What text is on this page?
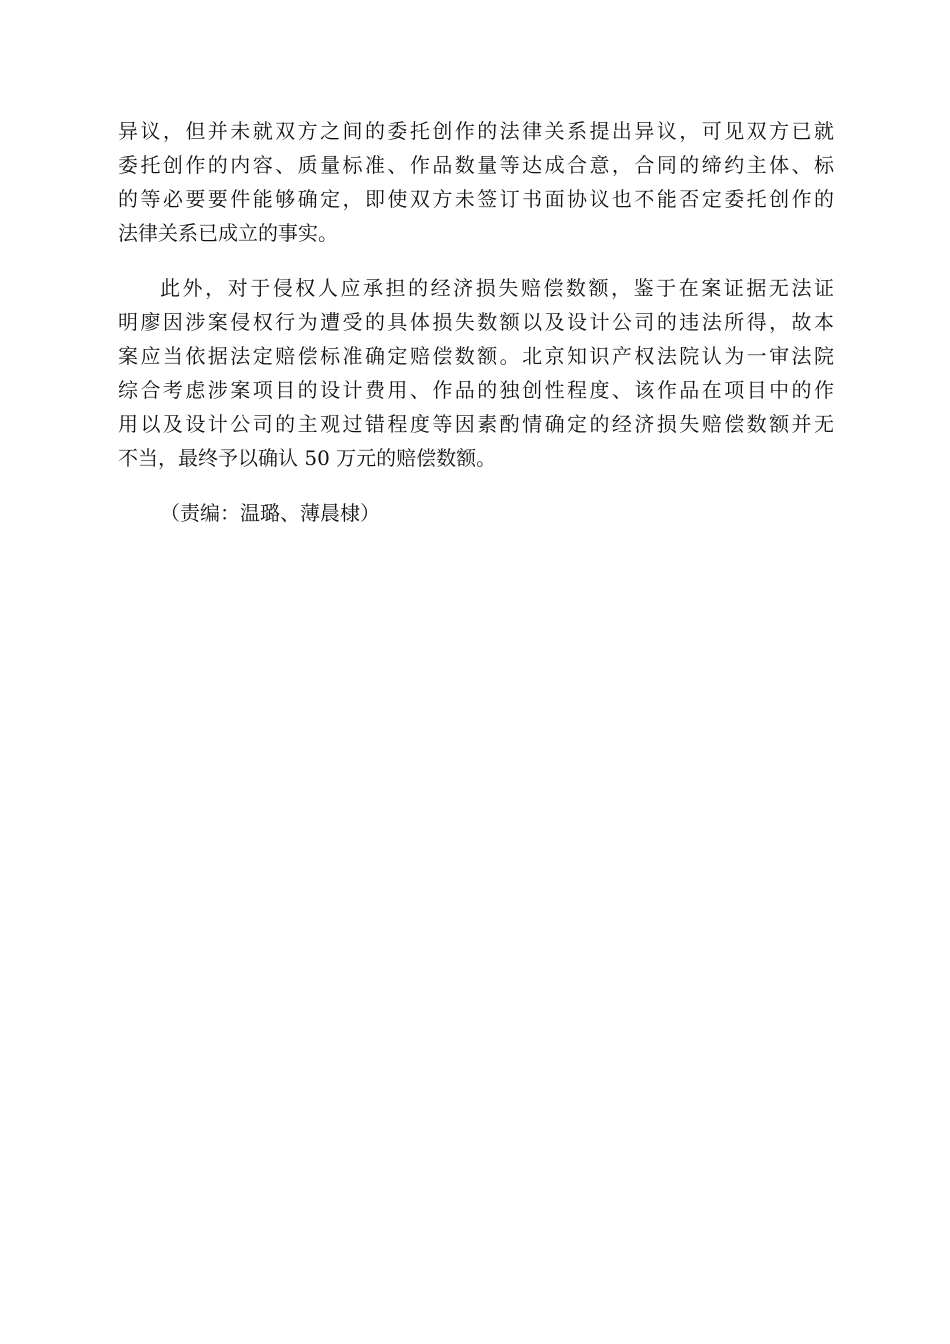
异议，但并未就双方之间的委托创作的法律关系提出异议，可见双方已就
委托创作的内容、质量标准、作品数量等达成合意，合同的缔约主体、标
的等必要要件能够确定，即使双方未签订书面协议也不能否定委托创作的
法律关系已成立的事实。
此外，对于侵权人应承担的经济损失赔偿数额，鉴于在案证据无法证
明廖因涉案侵权行为遭受的具体损失数额以及设计公司的违法所得，故本
案应当依据法定赔偿标准确定赔偿数额。北京知识产权法院认为一审法院
综合考虑涉案项目的设计费用、作品的独创性程度、该作品在项目中的作
用以及设计公司的主观过错程度等因素酌情确定的经济损失赔偿数额并无
不当，最终予以确认 50 万元的赔偿数额。
（责编：温璐、薄晨棣）
